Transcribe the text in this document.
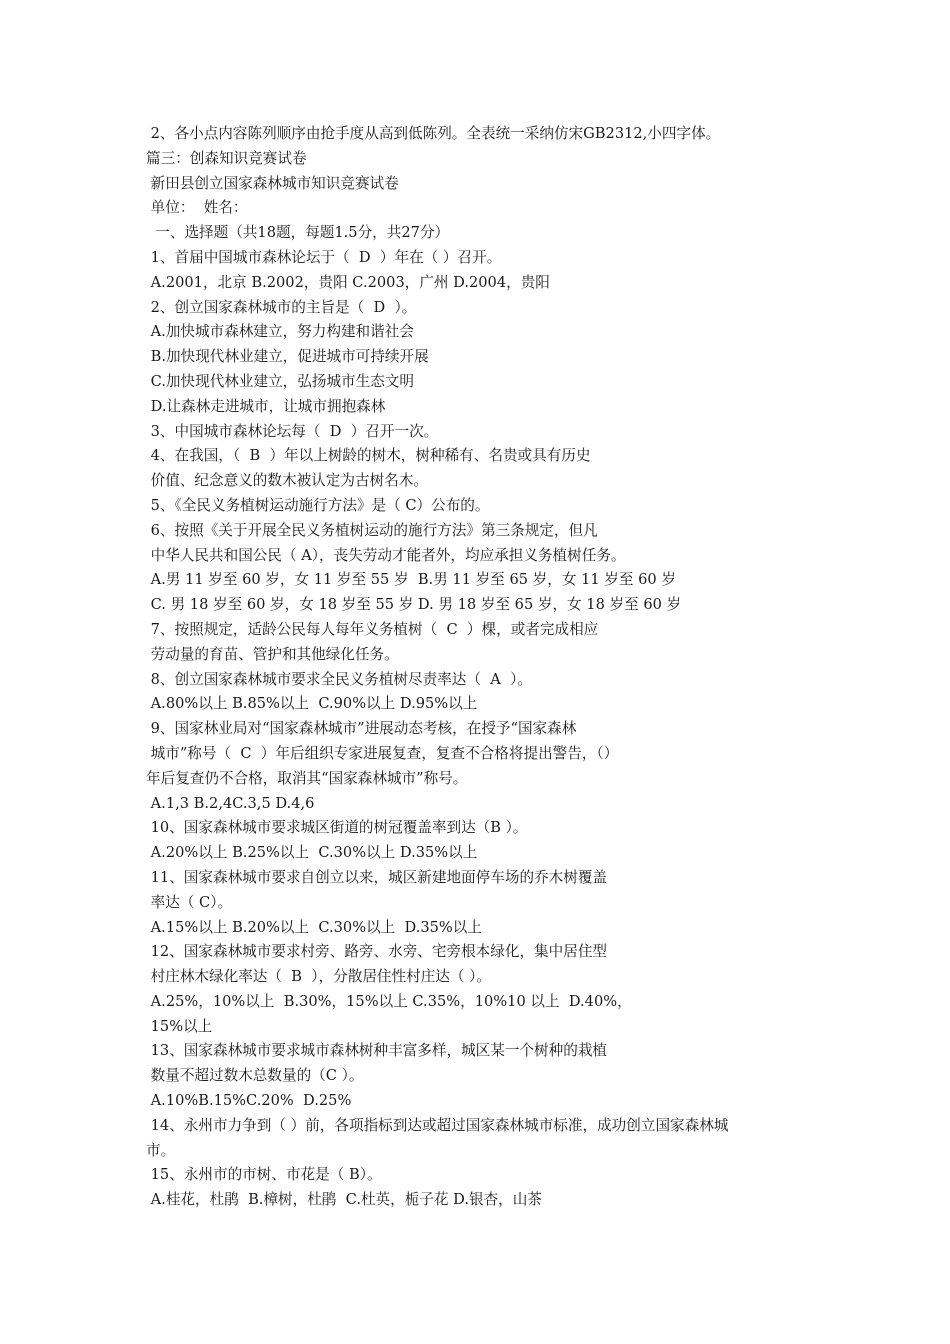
2、各小点内容陈列顺序由抢手度从高到低陈列。全表统一采纳仿宋GB2312,小四字体。
篇三：创森知识竞赛试卷
新田县创立国家森林城市知识竞赛试卷
单位：  姓名：
一、选择题（共18题，每题1.5分，共27分）
1、首届中国城市森林论坛于（  D  ）年在（ ）召开。
A.2001，北京 B.2002，贵阳 C.2003，广州 D.2004，贵阳
2、创立国家森林城市的主旨是（  D  ）。
A.加快城市森林建立，努力构建和谐社会
B.加快现代林业建立，促进城市可持续开展
C.加快现代林业建立，弘扬城市生态文明
D.让森林走进城市，让城市拥抱森林
3、中国城市森林论坛每（  D  ）召开一次。
4、在我国，（  B  ）年以上树龄的树木，树种稀有、名贵或具有历史
价值、纪念意义的数木被认定为古树名木。
5、《全民义务植树运动施行方法》是（ C）公布的。
6、按照《关于开展全民义务植树运动的施行方法》第三条规定，但凡
中华人民共和国公民（ A），丧失劳动才能者外，均应承担义务植树任务。
A.男 11 岁至 60 岁，女 11 岁至 55 岁  B.男 11 岁至 65 岁，女 11 岁至 60 岁
C. 男 18 岁至 60 岁，女 18 岁至 55 岁 D. 男 18 岁至 65 岁，女 18 岁至 60 岁
7、按照规定，适龄公民每人每年义务植树（  C  ）棵，或者完成相应
劳动量的育苗、管护和其他绿化任务。
8、创立国家森林城市要求全民义务植树尽责率达（  A  ）。
A.80%以上 B.85%以上  C.90%以上 D.95%以上
9、国家林业局对“国家森林城市”进展动态考核，在授予“国家森林
城市”称号（  C  ）年后组织专家进展复查，复查不合格将提出警告，（）
年后复查仍不合格，取消其“国家森林城市”称号。
A.1,3 B.2,4C.3,5 D.4,6
10、国家森林城市要求城区街道的树冠覆盖率到达（B ）。
A.20%以上 B.25%以上  C.30%以上 D.35%以上
11、国家森林城市要求自创立以来，城区新建地面停车场的乔木树覆盖
率达（ C）。
A.15%以上 B.20%以上  C.30%以上  D.35%以上
12、国家森林城市要求村旁、路旁、水旁、宅旁根本绿化，集中居住型
村庄林木绿化率达（  B  ），分散居住性村庄达（ ）。
A.25%，10%以上  B.30%，15%以上 C.35%，10%10 以上  D.40%，
15%以上
13、国家森林城市要求城市森林树种丰富多样，城区某一个树种的栽植
数量不超过数木总数量的（C ）。
A.10%B.15%C.20%  D.25%
14、永州市力争到（ ）前，各项指标到达或超过国家森林城市标准，成功创立国家森林城
市。
15、永州市的市树、市花是（ B）。
A.桂花，杜鹃  B.樟树，杜鹃  C.杜英，栀子花 D.银杏，山茶
